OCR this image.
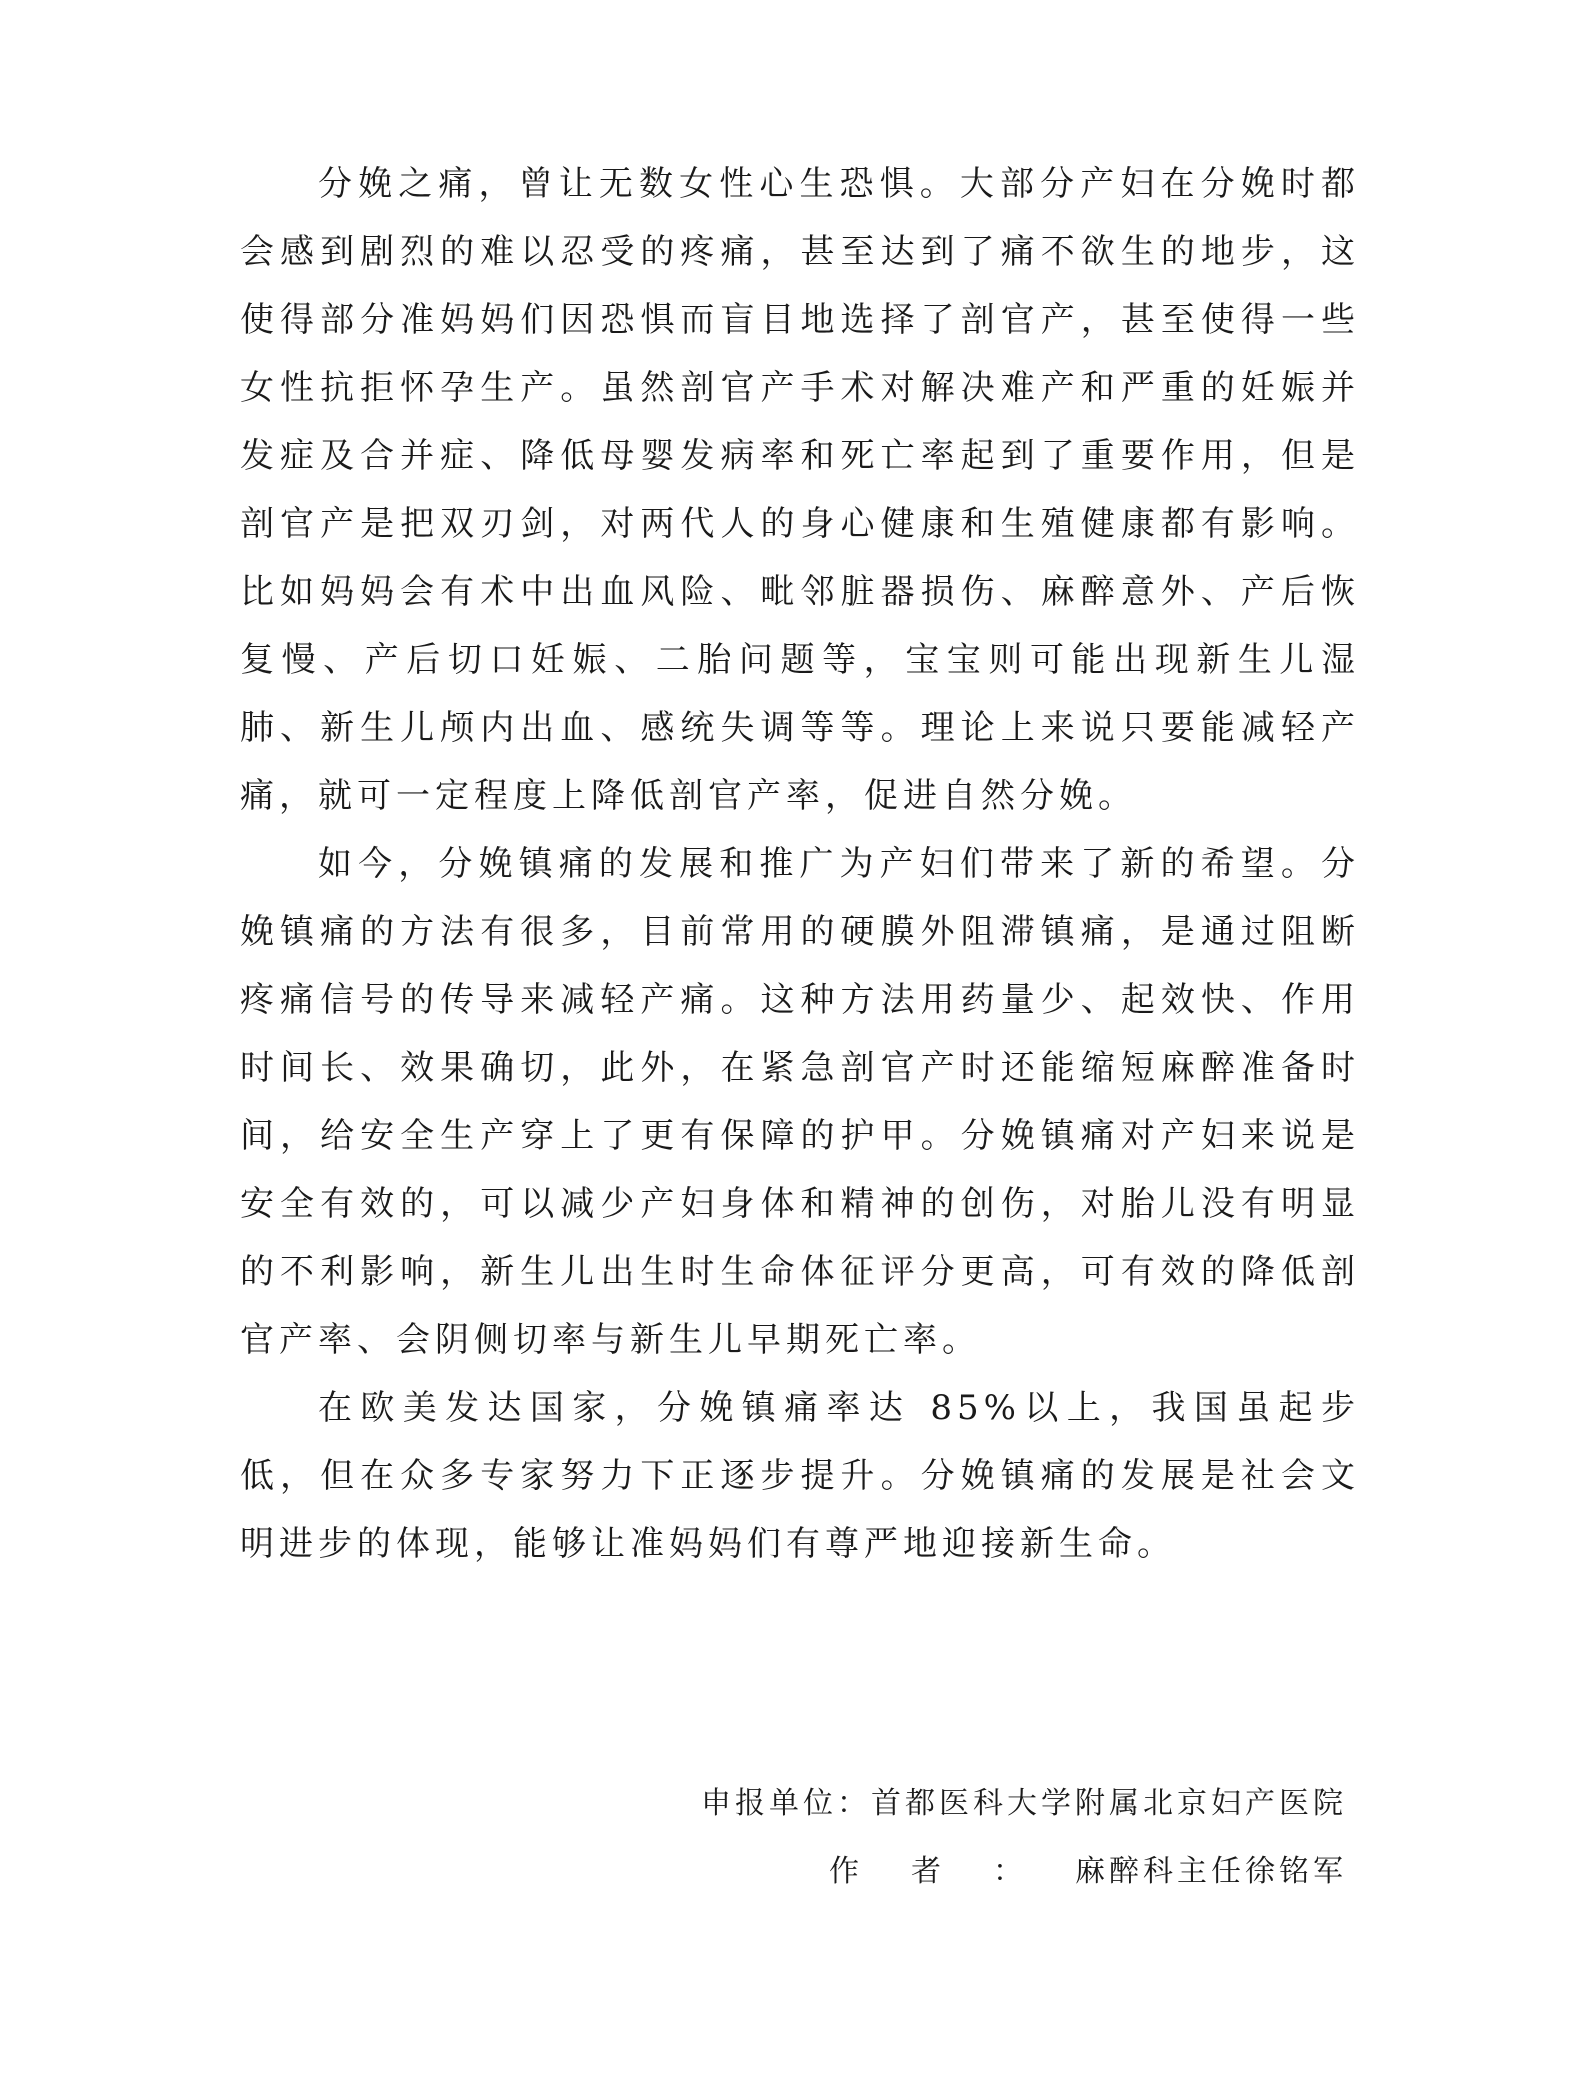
分娩之痛，曾让无数女性心生恐惧。大部分产妇在分娩时都会感到剧烈的难以忍受的疼痛，甚至达到了痛不欲生的地步，这使得部分准妈妈们因恐惧而盲目地选择了剖官产，甚至使得一些女性抗拒怀孕生产。虽然剖官产手术对解决难产和严重的妊娠并发症及合并症、降低母婴发病率和死亡率起到了重要作用，但是剖官产是把双刃剑，对两代人的身心健康和生殖健康都有影响。比如妈妈会有术中出血风险、毗邻脏器损伤、麻醉意外、产后恢复慢、产后切口妊娠、二胎问题等，宝宝则可能出现新生儿湿肺、新生儿颅内出血、感统失调等等。理论上来说只要能减轻产痛，就可一定程度上降低剖官产率，促进自然分娩。

如今，分娩镇痛的发展和推广为产妇们带来了新的希望。分娩镇痛的方法有很多，目前常用的硬膜外阻滞镇痛，是通过阻断疼痛信号的传导来减轻产痛。这种方法用药量少、起效快、作用时间长、效果确切，此外，在紧急剖官产时还能缩短麻醉准备时间，给安全生产穿上了更有保障的护甲。分娩镇痛对产妇来说是安全有效的，可以减少产妇身体和精神的创伤，对胎儿没有明显的不利影响，新生儿出生时生命体征评分更高，可有效的降低剖官产率、会阴侧切率与新生儿早期死亡率。

在欧美发达国家，分娩镇痛率达 85%以上，我国虽起步低，但在众多专家努力下正逐步提升。分娩镇痛的发展是社会文明进步的体现，能够让准妈妈们有尊严地迎接新生命。

申报单位：首都医科大学附属北京妇产医院
作者：麻醉科主任徐铭军
